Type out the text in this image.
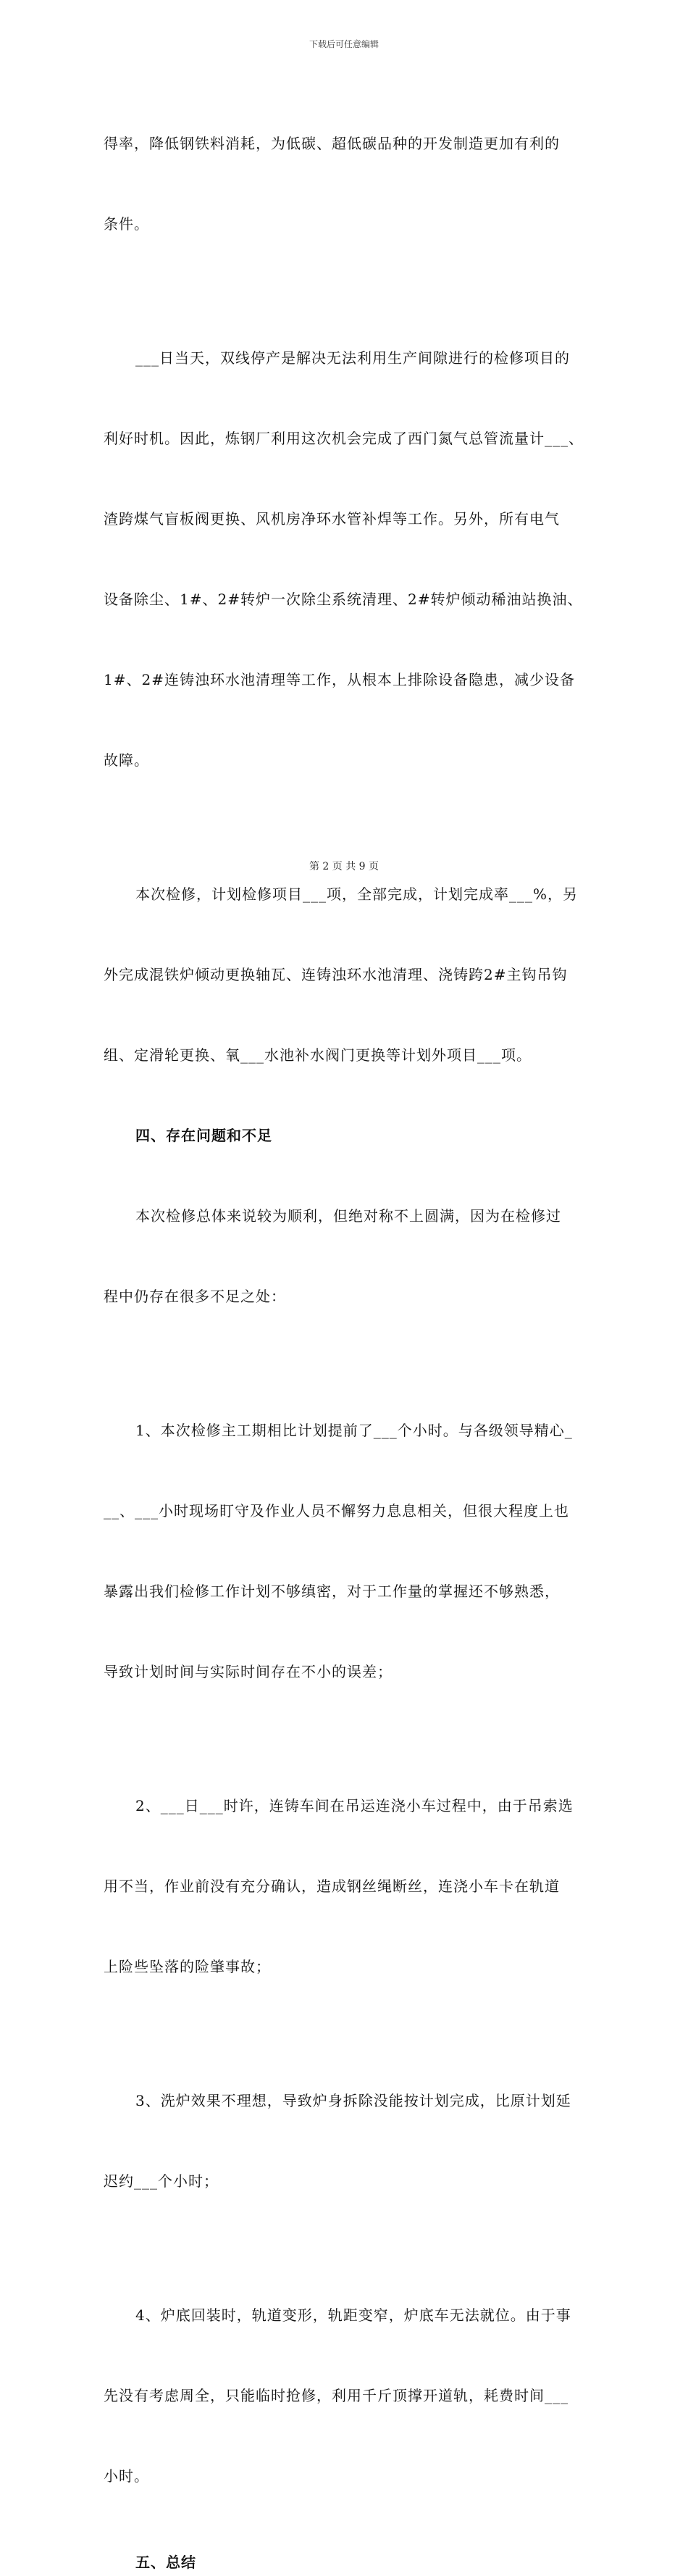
下载后可任意编辑

得率，降低钢铁料消耗，为低碳、超低碳品种的开发制造更加有利的

条件。

___日当天，双线停产是解决无法利用生产间隙进行的检修项目的

利好时机。因此，炼钢厂利用这次机会完成了西门氮气总管流量计___、

渣跨煤气盲板阀更换、风机房净环水管补焊等工作。另外，所有电气

设备除尘、1#、2#转炉一次除尘系统清理、2#转炉倾动稀油站换油、

1#、2#连铸浊环水池清理等工作，从根本上排除设备隐患，减少设备

故障。

本次检修，计划检修项目___项，全部完成，计划完成率___%，另

外完成混铁炉倾动更换轴瓦、连铸浊环水池清理、浇铸跨2#主钩吊钩

组、定滑轮更换、氧___水池补水阀门更换等计划外项目___项。

四、存在问题和不足

本次检修总体来说较为顺利，但绝对称不上圆满，因为在检修过

程中仍存在很多不足之处：

1、本次检修主工期相比计划提前了___个小时。与各级领导精心_

__、___小时现场盯守及作业人员不懈努力息息相关，但很大程度上也

暴露出我们检修工作计划不够缜密，对于工作量的掌握还不够熟悉，

导致计划时间与实际时间存在不小的误差；

2、___日___时许，连铸车间在吊运连浇小车过程中，由于吊索选

用不当，作业前没有充分确认，造成钢丝绳断丝，连浇小车卡在轨道

上险些坠落的险肇事故；

3、洗炉效果不理想，导致炉身拆除没能按计划完成，比原计划延

迟约___个小时；

4、炉底回装时，轨道变形，轨距变窄，炉底车无法就位。由于事

先没有考虑周全，只能临时抢修，利用千斤顶撑开道轨，耗费时间___

小时。

五、总结
第 2 页 共 9 页
